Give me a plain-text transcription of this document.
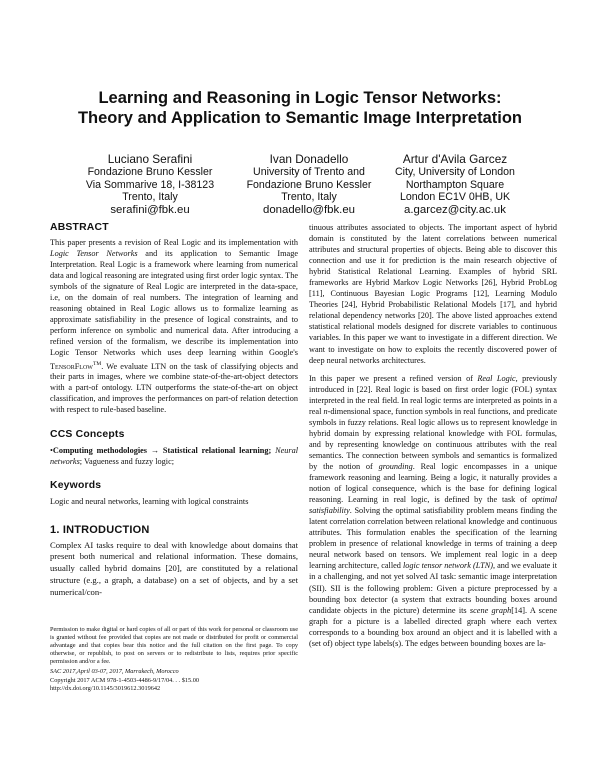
Learning and Reasoning in Logic Tensor Networks:
Theory and Application to Semantic Image Interpretation
Luciano Serafini
Fondazione Bruno Kessler
Via Sommarive 18, I-38123
Trento, Italy
serafini@fbk.eu
Ivan Donadello
University of Trento and
Fondazione Bruno Kessler
Trento, Italy
donadello@fbk.eu
Artur d'Avila Garcez
City, University of London
Northampton Square
London EC1V 0HB, UK
a.garcez@city.ac.uk
ABSTRACT
This paper presents a revision of Real Logic and its implementation with Logic Tensor Networks and its application to Semantic Image Interpretation. Real Logic is a framework where learning from numerical data and logical reasoning are integrated using first order logic syntax. The symbols of the signature of Real Logic are interpreted in the data-space, i.e, on the domain of real numbers. The integration of learning and reasoning obtained in Real Logic allows us to formalize learning as approximate satisfiability in the presence of logical constraints, and to perform inference on symbolic and numerical data. After introducing a refined version of the formalism, we describe its implementation into Logic Tensor Networks which uses deep learning within Google's TensorFlow™. We evaluate LTN on the task of classifying objects and their parts in images, where we combine state-of-the-art-object detectors with a part-of ontology. LTN outperforms the state-of-the-art on object classification, and improves the performances on part-of relation detection with respect to rule-based baseline.
CCS Concepts
•Computing methodologies → Statistical relational learning; Neural networks; Vagueness and fuzzy logic;
Keywords
Logic and neural networks, learning with logical constraints
1. INTRODUCTION
Complex AI tasks require to deal with knowledge about domains that present both numerical and relational information. These domains, usually called hybrid domains [20], are constituted by a relational structure (e.g., a graph, a database) on a set of objects, and by a set numerical/con-
Permission to make digital or hard copies of all or part of this work for personal or classroom use is granted without fee provided that copies are not made or distributed for profit or commercial advantage and that copies bear this notice and the full citation on the first page. To copy otherwise, or republish, to post on servers or to redistribute to lists, requires prior specific permission and/or a fee.
SAC 2017,April 03-07, 2017, Marrakech, Morocco
Copyright 2017 ACM 978-1-4503-4486-9/17/04. . . $15.00
http://dx.doi.org/10.1145/3019612.3019642
tinuous attributes associated to objects. The important aspect of hybrid domain is constituted by the latent correlations between numerical attributes and structural properties of objects. Being able to discover this connection and use it for prediction is the main research objective of hybrid Statistical Relational Learning. Examples of hybrid SRL frameworks are Hybrid Markov Logic Networks [26], Hybrid ProbLog [11], Continuous Bayesian Logic Programs [12], Learning Modulo Theories [24], Hybrid Probabilistic Relational Models [17], and hybrid relational dependency networks [20]. The above listed approaches extend statistical relational models designed for discrete variables to continuous variables. In this paper we want to investigate in a different direction. We want to investigate on how to exploits the recently discovered power of deep neural networks architectures.
In this paper we present a refined version of Real Logic, previously introduced in [22]. Real logic is based on first order logic (FOL) syntax interpreted in the real field. In real logic terms are interpreted as points in a real n-dimensional space, function symbols in real functions, and predicate symbols in fuzzy relations. Real logic allows us to represent knowledge in hybrid domain by expressing relational knowledge with FOL formulas, and by representing knowledge on continuous attributes with the real semantics. The connection between symbols and semantics is formalized by the notion of grounding. Real logic encompasses in a unique framework reasoning and learning. Being a logic, it naturally provides a notion of logical consequence, which is the base for defining logical reasoning. Learning in real logic, is defined by the task of optimal satisfiability. Solving the optimal satisfiability problem means finding the latent correlation correlation between relational knowledge and continuous attributes. This formulation enables the specification of the learning problem in presence of relational knowledge in terms of training a deep neural network based on tensors. We implement real logic in a deep learning architecture, called logic tensor network (LTN), and we evaluate it in a challenging, and not yet solved AI task: semantic image interpretation (SII). SII is the following problem: Given a picture preprocessed by a bounding box detector (a system that extracts bounding boxes around candidate objects in the picture) determine its scene graph[14]. A scene graph for a picture is a labelled directed graph where each vertex corresponds to a bounding box around an object and it is labelled with a (set of) object type labels(s). The edges between bounding boxes are la-
